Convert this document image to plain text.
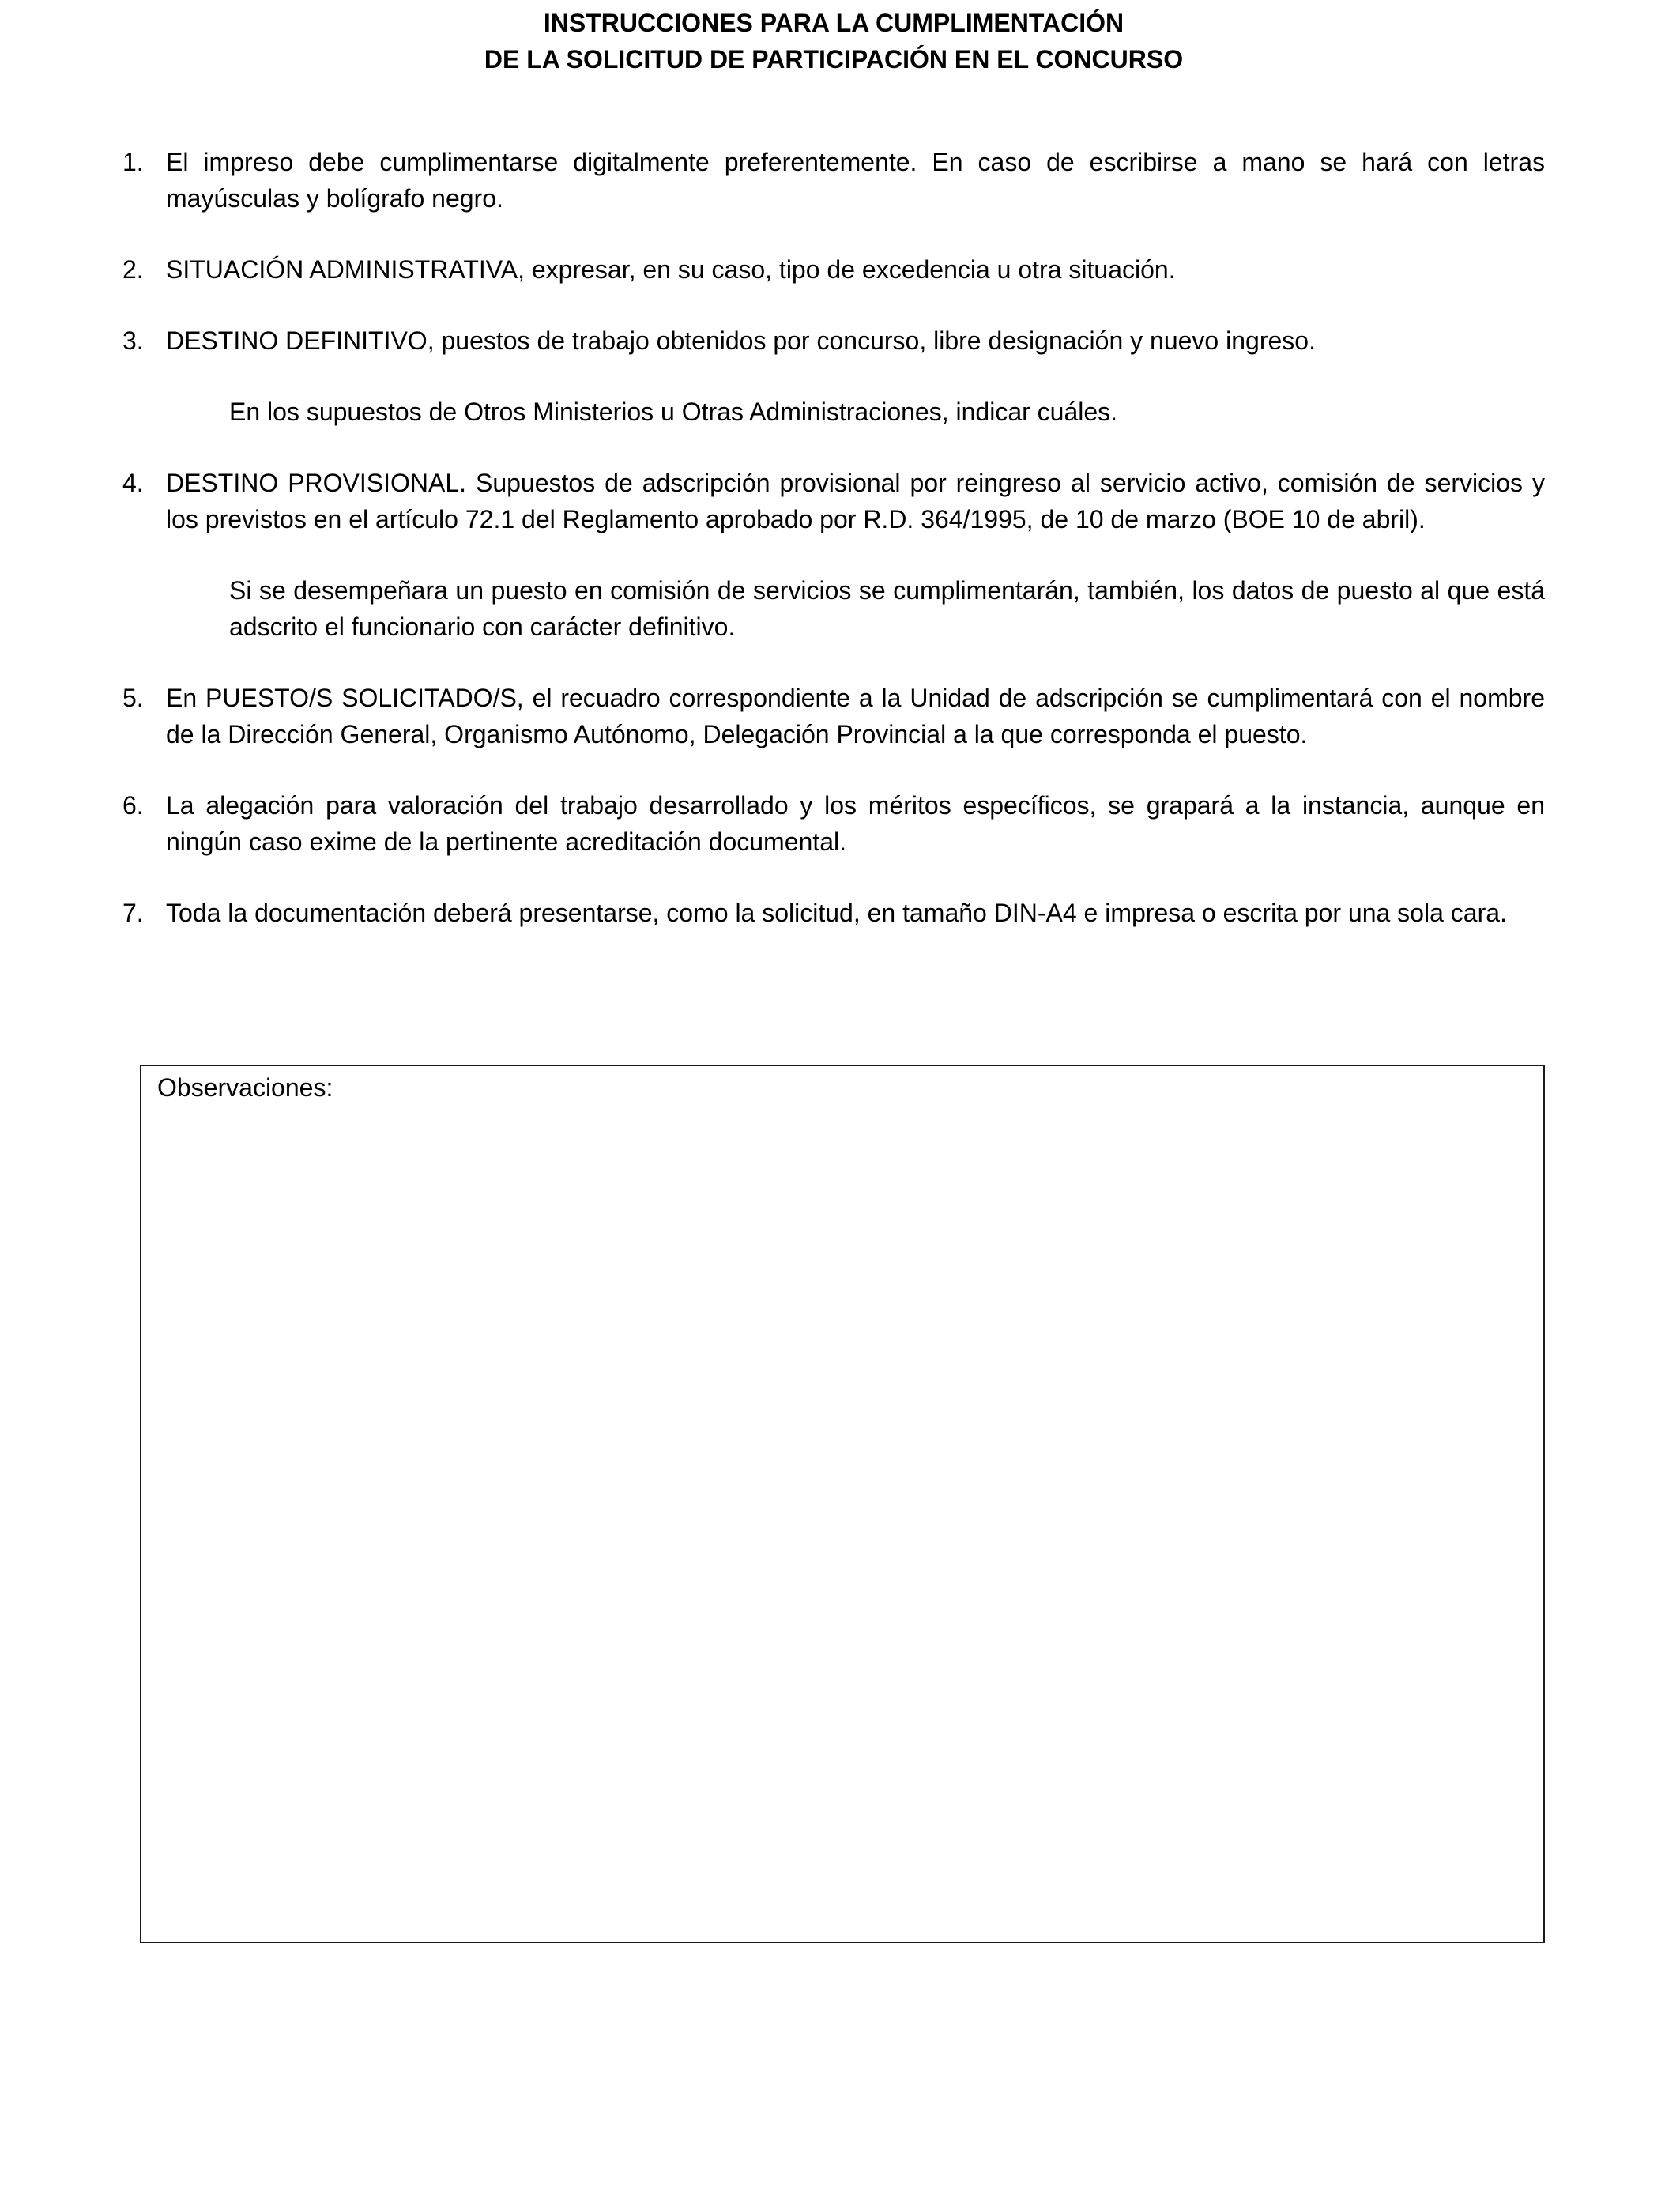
INSTRUCCIONES PARA LA CUMPLIMENTACIÓN
DE LA SOLICITUD DE PARTICIPACIÓN EN EL CONCURSO
1. El impreso debe cumplimentarse digitalmente preferentemente. En caso de escribirse a mano se hará con letras mayúsculas y bolígrafo negro.
2. SITUACIÓN ADMINISTRATIVA, expresar, en su caso, tipo de excedencia u otra situación.
3. DESTINO DEFINITIVO, puestos de trabajo obtenidos por concurso, libre designación y nuevo ingreso.
En los supuestos de Otros Ministerios u Otras Administraciones, indicar cuáles.
4. DESTINO PROVISIONAL. Supuestos de adscripción provisional por reingreso al servicio activo, comisión de servicios y los previstos en el artículo 72.1 del Reglamento aprobado por R.D. 364/1995, de 10 de marzo (BOE 10 de abril).
Si se desempeñara un puesto en comisión de servicios se cumplimentarán, también, los datos de puesto al que está adscrito el funcionario con carácter definitivo.
5. En PUESTO/S SOLICITADO/S, el recuadro correspondiente a la Unidad de adscripción se cumplimentará con el nombre de la Dirección General, Organismo Autónomo, Delegación Provincial a la que corresponda el puesto.
6. La alegación para valoración del trabajo desarrollado y los méritos específicos, se grapará a la instancia, aunque en ningún caso exime de la pertinente acreditación documental.
7. Toda la documentación deberá presentarse, como la solicitud, en tamaño DIN-A4 e impresa o escrita por una sola cara.
Observaciones:
